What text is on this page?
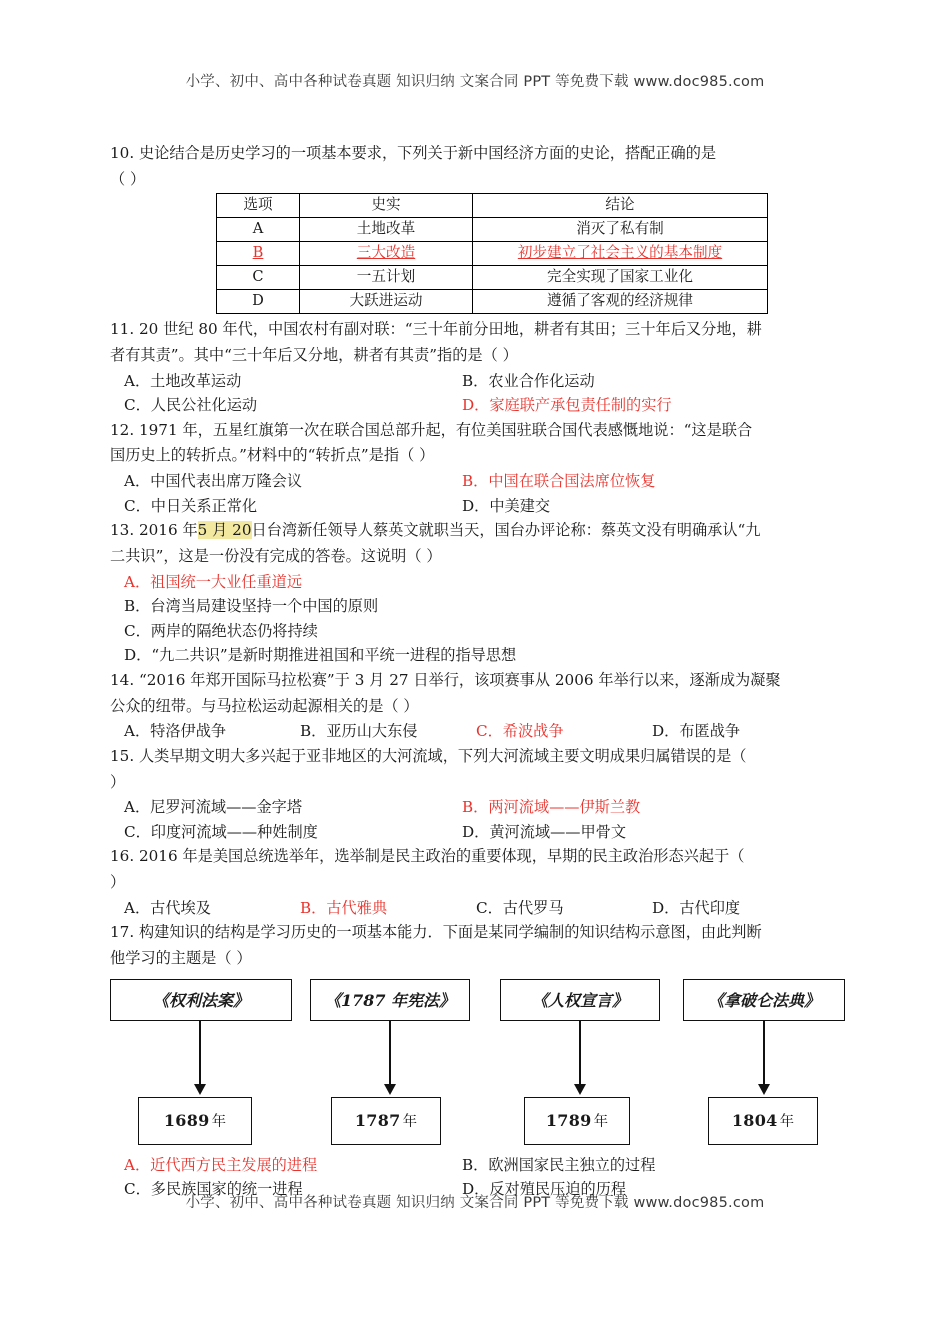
小学、初中、高中各种试卷真题 知识归纳 文案合同 PPT 等免费下载 www.doc985.com
10. 史论结合是历史学习的一项基本要求，下列关于新中国经济方面的史论，搭配正确的是
（ ）
选项	史实	结论
A	土地改革	消灭了私有制
B	三大改造	初步建立了社会主义的基本制度
C	一五计划	完全实现了国家工业化
D	大跃进运动	遵循了客观的经济规律
11. 20 世纪 80 年代，中国农村有副对联：“三十年前分田地，耕者有其田；三十年后又分地，耕
者有其责”。其中“三十年后又分地，耕者有其责”指的是（ ）
A．土地改革运动	B．农业合作化运动
C．人民公社化运动	D．家庭联产承包责任制的实行
12. 1971 年，五星红旗第一次在联合国总部升起，有位美国驻联合国代表感慨地说：“这是联合
国历史上的转折点。”材料中的“转折点”是指（ ）
A．中国代表出席万隆会议	B．中国在联合国法席位恢复
C．中日关系正常化	D．中美建交
13. 2016 年5 月 20日台湾新任领导人蔡英文就职当天，国台办评论称：蔡英文没有明确承认“九
二共识”，这是一份没有完成的答卷。这说明（ ）
A．祖国统一大业任重道远
B．台湾当局建设坚持一个中国的原则
C．两岸的隔绝状态仍将持续
D．“九二共识”是新时期推进祖国和平统一进程的指导思想
14. “2016 年郑开国际马拉松赛”于 3 月 27 日举行，该项赛事从 2006 年举行以来，逐渐成为凝聚
公众的纽带。与马拉松运动起源相关的是（ ）
A．特洛伊战争	B．亚历山大东侵	C．希波战争	D．布匿战争
15. 人类早期文明大多兴起于亚非地区的大河流域，下列大河流域主要文明成果归属错误的是（
）
A．尼罗河流域——金字塔	B．两河流域——伊斯兰教
C．印度河流域——种姓制度	D．黄河流域——甲骨文
16. 2016 年是美国总统选举年，选举制是民主政治的重要体现，早期的民主政治形态兴起于（
）
A．古代埃及	B．古代雅典	C．古代罗马	D．古代印度
17. 构建知识的结构是学习历史的一项基本能力．下面是某同学编制的知识结构示意图，由此判断
他学习的主题是（ ）
《权利法案》
1689 年
《1787 年宪法》
1787 年
《人权宣言》
1789 年
《拿破仑法典》
1804 年
A．近代西方民主发展的进程	B．欧洲国家民主独立的过程
C．多民族国家的统一进程	D．反对殖民压迫的历程
小学、初中、高中各种试卷真题 知识归纳 文案合同 PPT 等免费下载 www.doc985.com
